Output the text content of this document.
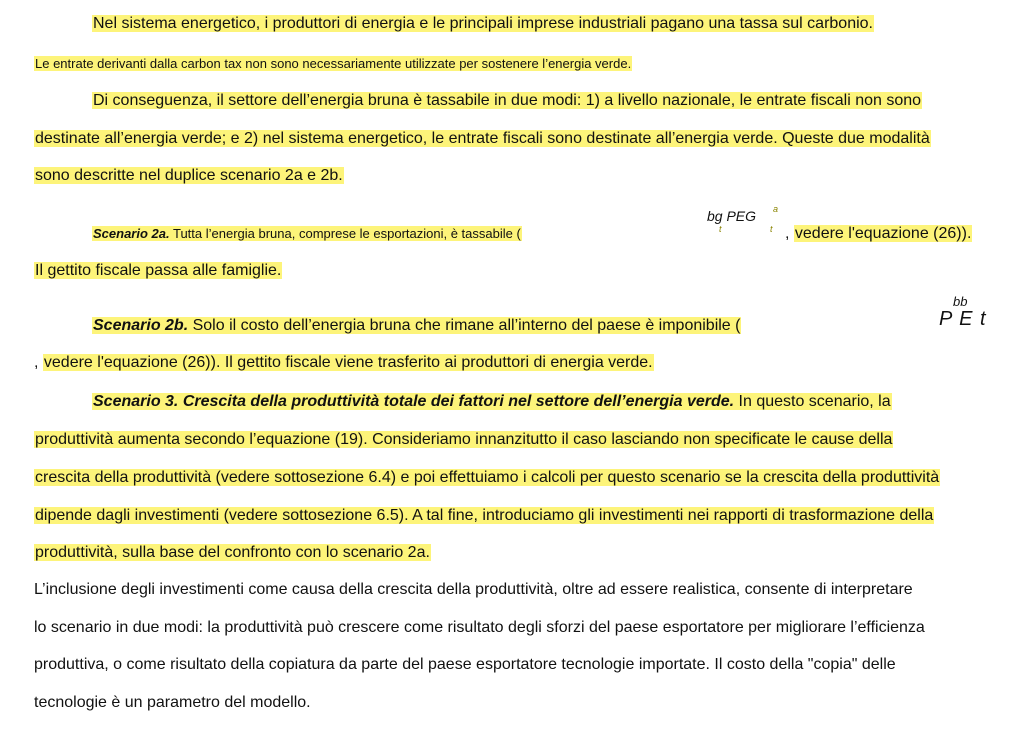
Nel sistema energetico, i produttori di energia e le principali imprese industriali pagano una tassa sul carbonio.
Le entrate derivanti dalla carbon tax non sono necessariamente utilizzate per sostenere l’energia verde.
Di conseguenza, il settore dell’energia bruna è tassabile in due modi: 1) a livello nazionale, le entrate fiscali non sono
destinate all’energia verde; e 2) nel sistema energetico, le entrate fiscali sono destinate all’energia verde. Queste due modalità
sono descritte nel duplice scenario 2a e 2b.
Scenario 2a. Tutta l’energia bruna, comprese le esportazioni, è tassabile (
bg PEG a
t	t , vedere l'equazione (26)).
Il gettito fiscale passa alle famiglie.
Scenario 2b. Solo il costo dell’energia bruna che rimane all’interno del paese è imponibile (
bb
P E t
, vedere l'equazione (26)). Il gettito fiscale viene trasferito ai produttori di energia verde.
Scenario 3. Crescita della produttività totale dei fattori nel settore dell’energia verde. In questo scenario, la
produttività aumenta secondo l’equazione (19). Consideriamo innanzitutto il caso lasciando non specificate le cause della
crescita della produttività (vedere sottosezione 6.4) e poi effettuiamo i calcoli per questo scenario se la crescita della produttività
dipende dagli investimenti (vedere sottosezione 6.5). A tal fine, introduciamo gli investimenti nei rapporti di trasformazione della
produttività, sulla base del confronto con lo scenario 2a.
L’inclusione degli investimenti come causa della crescita della produttività, oltre ad essere realistica, consente di interpretare
lo scenario in due modi: la produttività può crescere come risultato degli sforzi del paese esportatore per migliorare l’efficienza
produttiva, o come risultato della copiatura da parte del paese esportatore tecnologie importate. Il costo della "copia" delle
tecnologie è un parametro del modello.
